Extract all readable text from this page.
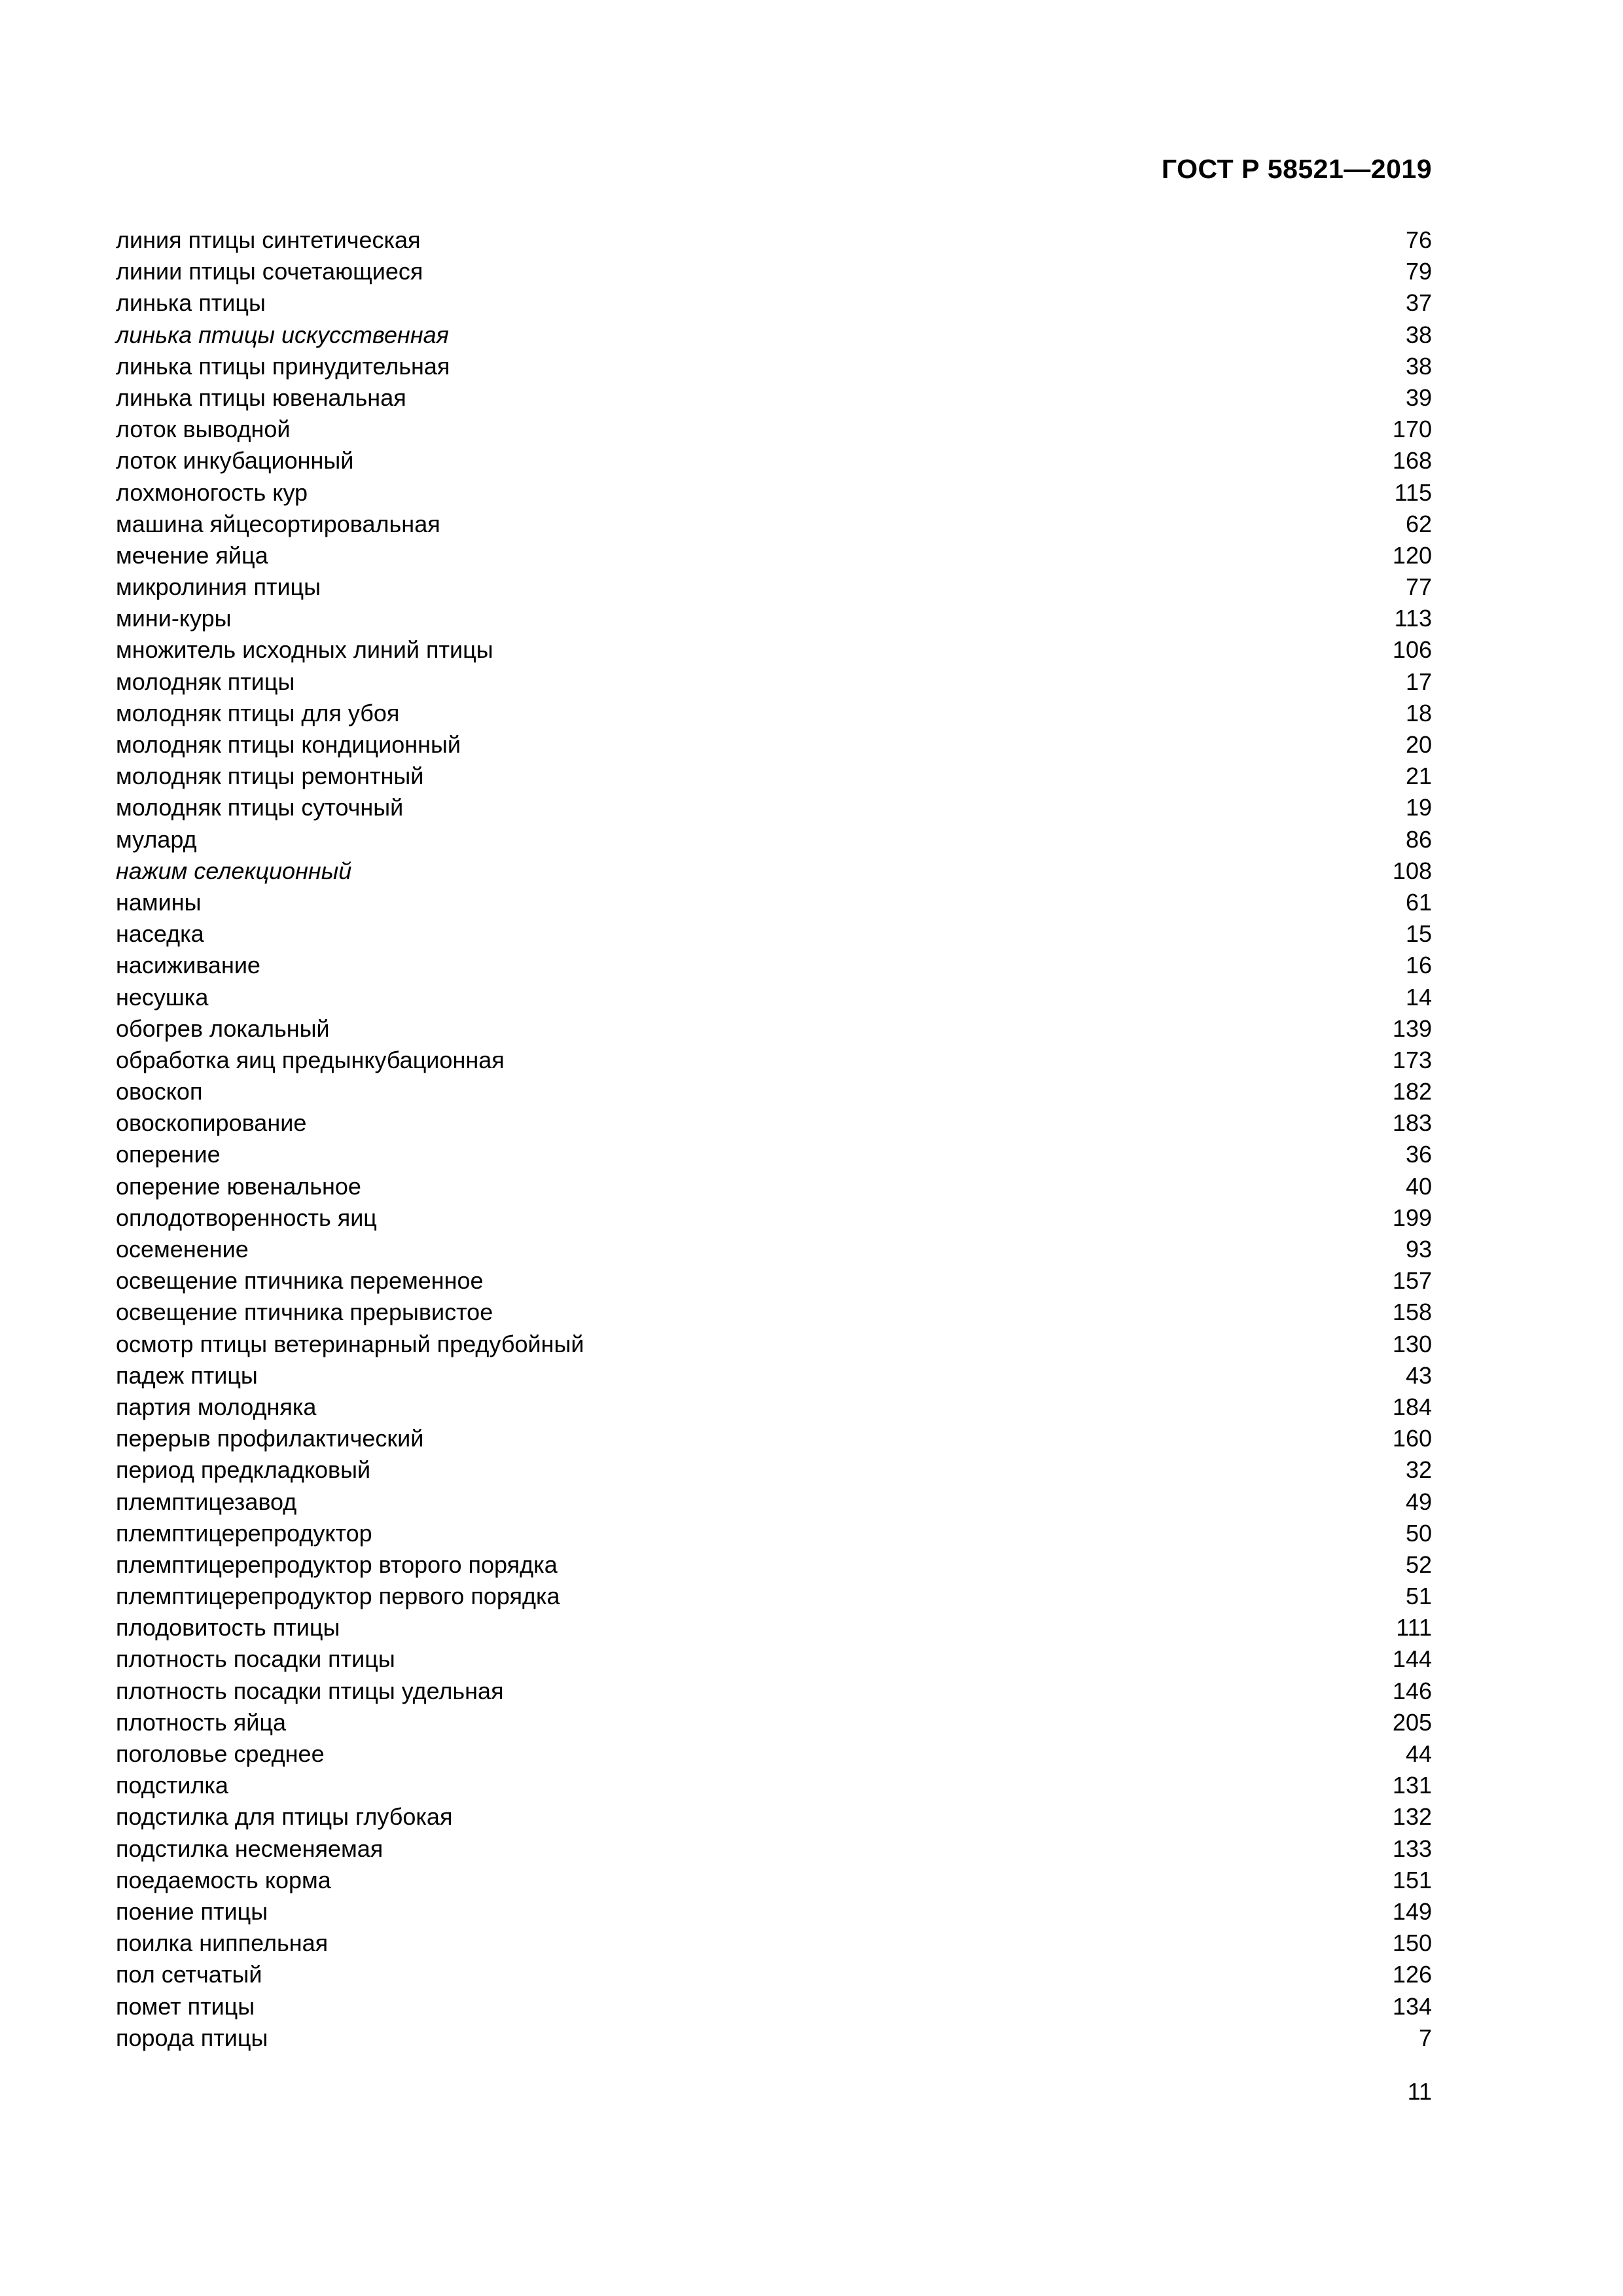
ГОСТ Р 58521—2019
линия птицы синтетическая	76
линии птицы сочетающиеся	79
линька птицы	37
линька птицы искусственная	38
линька птицы принудительная	38
линька птицы ювенальная	39
лоток выводной	170
лоток инкубационный	168
лохмоногость кур	115
машина яйцесортировальная	62
мечение яйца	120
микролиния птицы	77
мини-куры	113
множитель исходных линий птицы	106
молодняк птицы	17
молодняк птицы для убоя	18
молодняк птицы кондиционный	20
молодняк птицы ремонтный	21
молодняк птицы суточный	19
мулард	86
нажим селекционный	108
намины	61
наседка	15
насиживание	16
несушка	14
обогрев локальный	139
обработка яиц предынкубационная	173
овоскоп	182
овоскопирование	183
оперение	36
оперение ювенальное	40
оплодотворенность яиц	199
осеменение	93
освещение птичника переменное	157
освещение птичника прерывистое	158
осмотр птицы ветеринарный предубойный	130
падеж птицы	43
партия молодняка	184
перерыв профилактический	160
период предкладковый	32
племптицезавод	49
племптицерепродуктор	50
племптицерепродуктор второго порядка	52
племптицерепродуктор первого порядка	51
плодовитость птицы	111
плотность посадки птицы	144
плотность посадки птицы удельная	146
плотность яйца	205
поголовье среднее	44
подстилка	131
подстилка для птицы глубокая	132
подстилка несменяемая	133
поедаемость корма	151
поение птицы	149
поилка ниппельная	150
пол сетчатый	126
помет птицы	134
порода птицы	7
11
